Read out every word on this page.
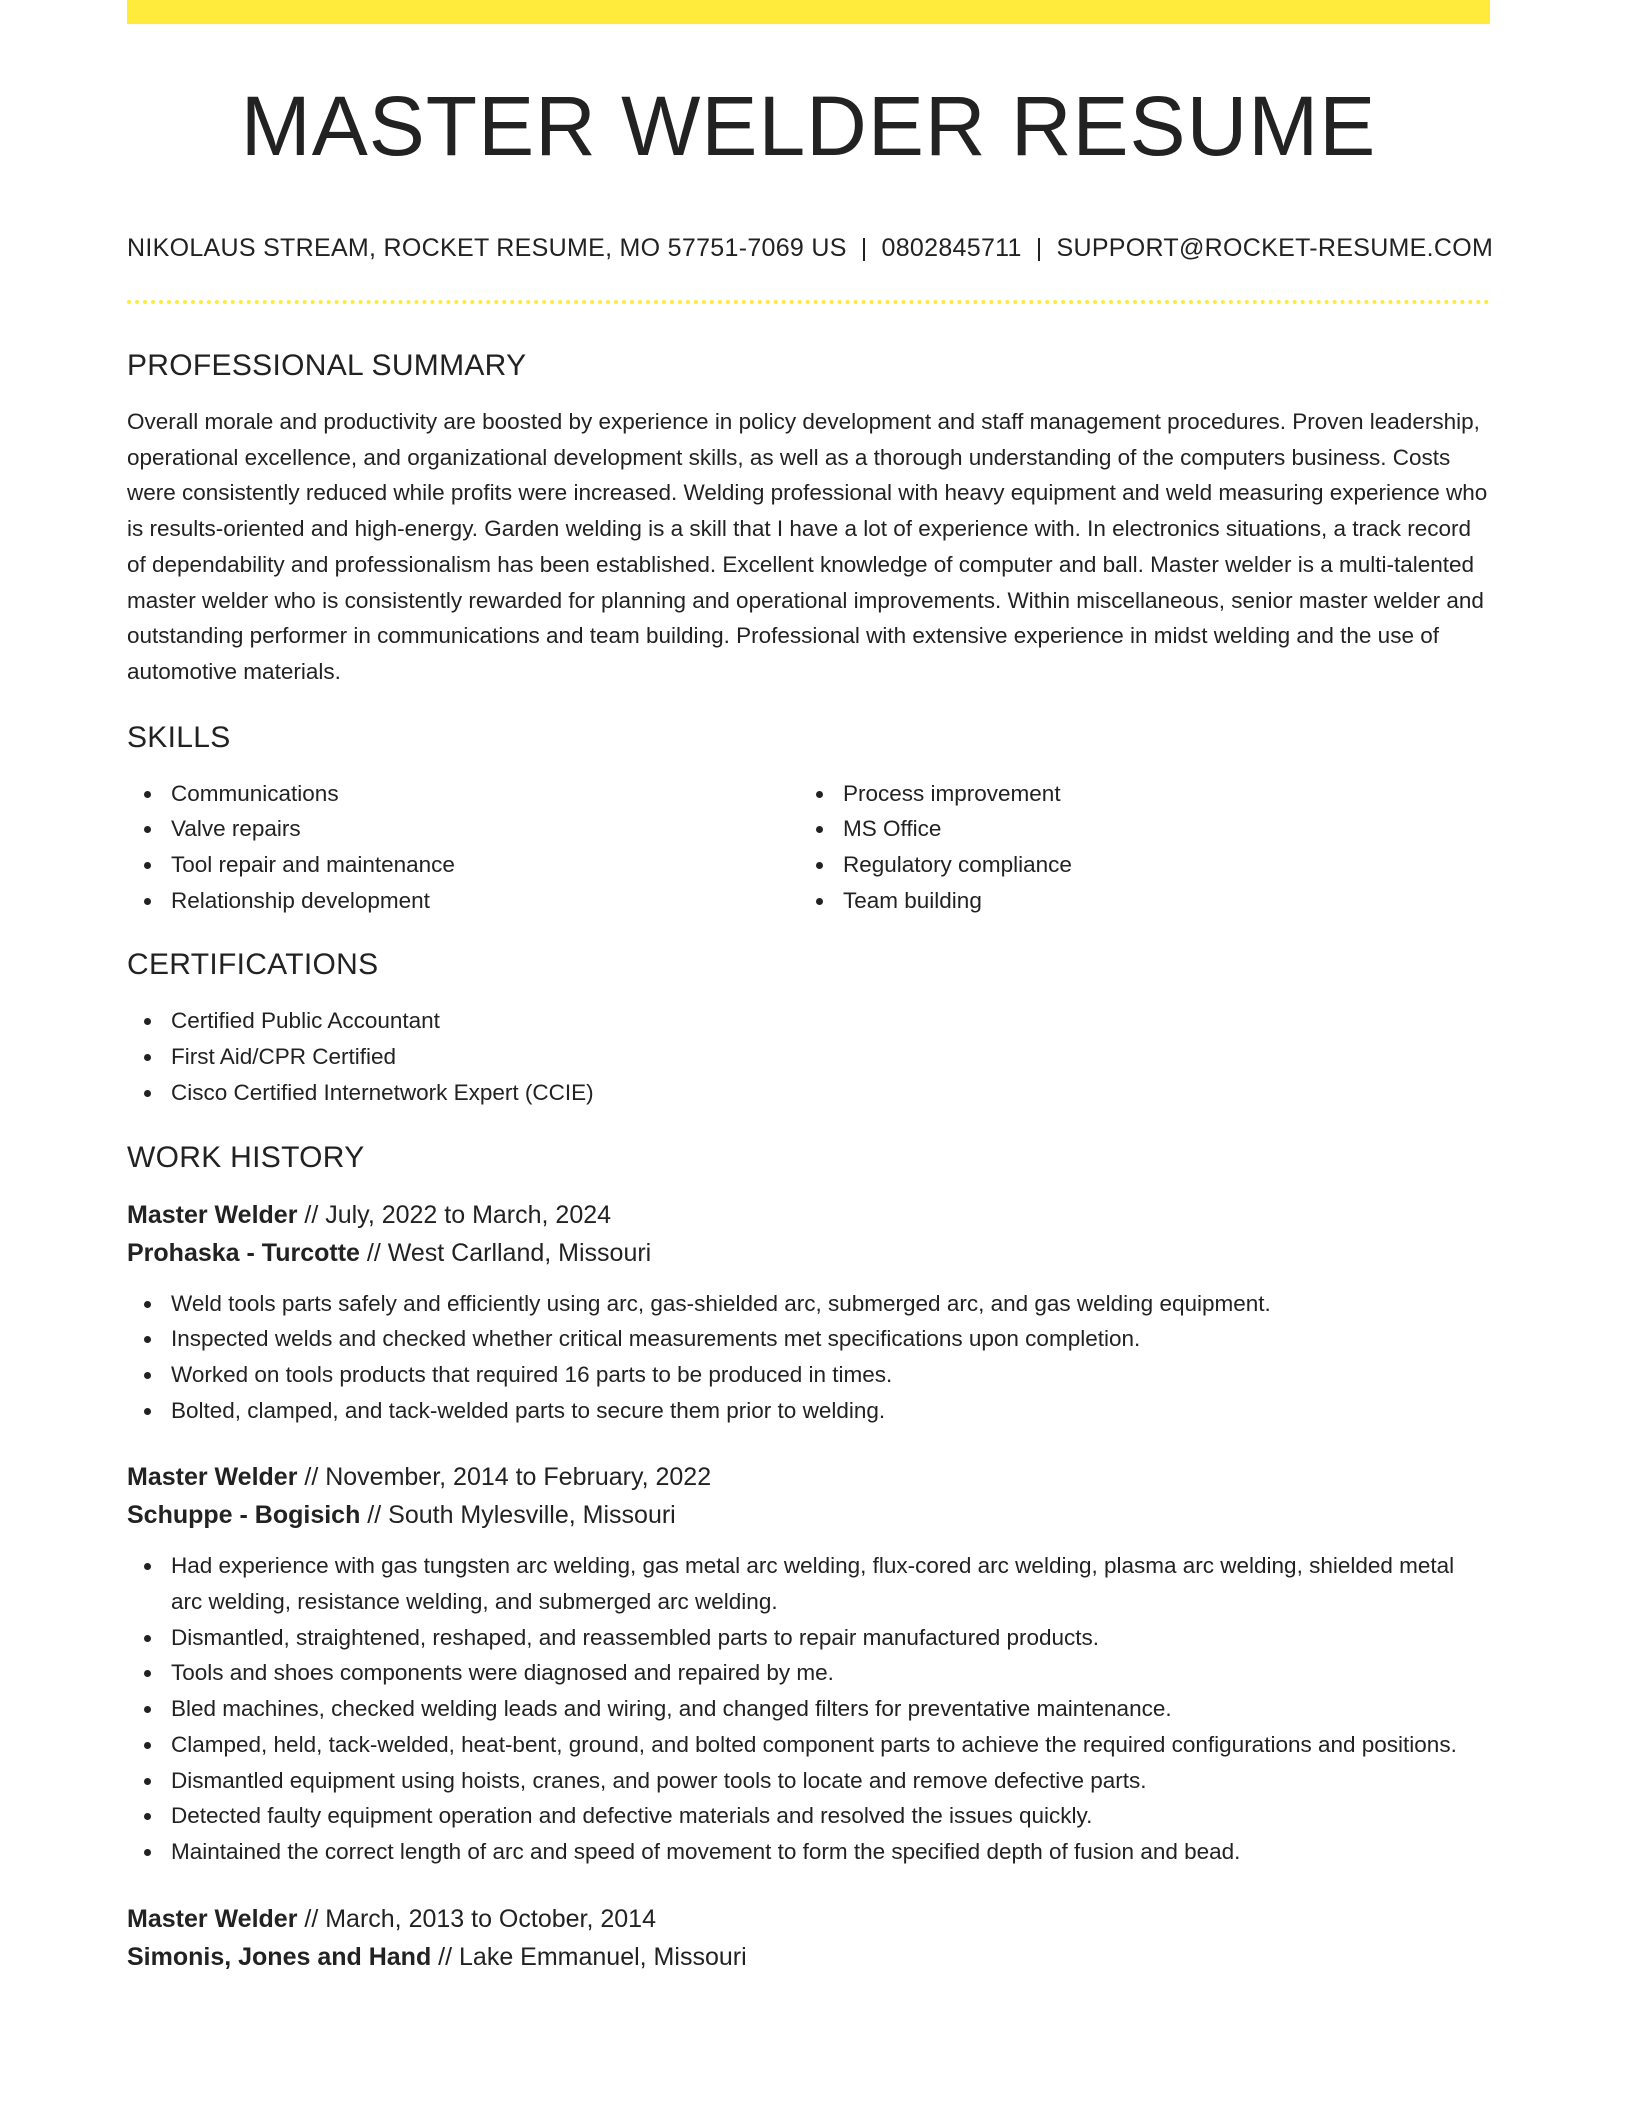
MASTER WELDER RESUME
NIKOLAUS STREAM, ROCKET RESUME, MO 57751-7069 US | 0802845711 | SUPPORT@ROCKET-RESUME.COM
PROFESSIONAL SUMMARY

Overall morale and productivity are boosted by experience in policy development and staff management procedures. Proven leadership, operational excellence, and organizational development skills, as well as a thorough understanding of the computers business. Costs were consistently reduced while profits were increased. Welding professional with heavy equipment and weld measuring experience who is results-oriented and high-energy. Garden welding is a skill that I have a lot of experience with. In electronics situations, a track record of dependability and professionalism has been established. Excellent knowledge of computer and ball. Master welder is a multi-talented master welder who is consistently rewarded for planning and operational improvements. Within miscellaneous, senior master welder and outstanding performer in communications and team building. Professional with extensive experience in midst welding and the use of automotive materials.

SKILLS
Communications
Valve repairs
Tool repair and maintenance
Relationship development
Process improvement
MS Office
Regulatory compliance
Team building
CERTIFICATIONS
Certified Public Accountant
First Aid/CPR Certified
Cisco Certified Internetwork Expert (CCIE)
WORK HISTORY
Master Welder // July, 2022 to March, 2024
Prohaska - Turcotte // West Carlland, Missouri
Weld tools parts safely and efficiently using arc, gas-shielded arc, submerged arc, and gas welding equipment.
Inspected welds and checked whether critical measurements met specifications upon completion.
Worked on tools products that required 16 parts to be produced in times.
Bolted, clamped, and tack-welded parts to secure them prior to welding.
Master Welder // November, 2014 to February, 2022
Schuppe - Bogisich // South Mylesville, Missouri
Had experience with gas tungsten arc welding, gas metal arc welding, flux-cored arc welding, plasma arc welding, shielded metal arc welding, resistance welding, and submerged arc welding.
Dismantled, straightened, reshaped, and reassembled parts to repair manufactured products.
Tools and shoes components were diagnosed and repaired by me.
Bled machines, checked welding leads and wiring, and changed filters for preventative maintenance.
Clamped, held, tack-welded, heat-bent, ground, and bolted component parts to achieve the required configurations and positions.
Dismantled equipment using hoists, cranes, and power tools to locate and remove defective parts.
Detected faulty equipment operation and defective materials and resolved the issues quickly.
Maintained the correct length of arc and speed of movement to form the specified depth of fusion and bead.
Master Welder // March, 2013 to October, 2014
Simonis, Jones and Hand // Lake Emmanuel, Missouri
